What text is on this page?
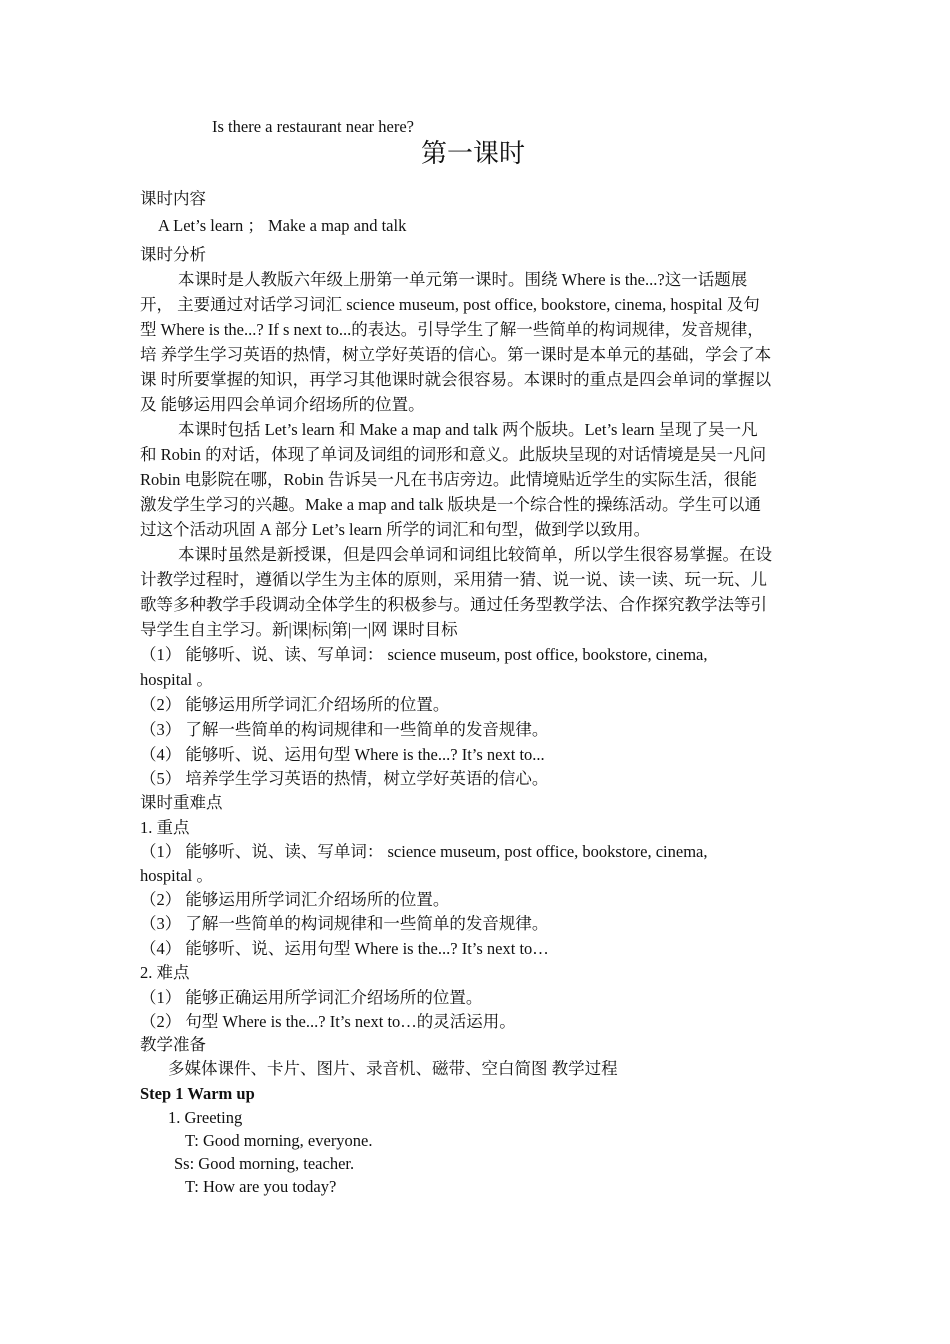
Is there a restaurant near here?
第一课时
课时内容
A Let’s learn ； Make a map and talk
课时分析
本课时是人教版六年级上册第一单元第一课时。围绕 Where is the...?这一话题展
开， 主要通过对话学习词汇 science museum, post office, bookstore, cinema, hospital 及句
型 Where is the...? If s next to...的表达。引导学生了解一些简单的构词规律，发音规律，
培 养学生学习英语的热情，树立学好英语的信心。第一课时是本单元的基础，学会了本
课 时所要掌握的知识，再学习其他课时就会很容易。本课时的重点是四会单词的掌握以
及 能够运用四会单词介绍场所的位置。
本课时包括 Let’s learn 和 Make a map and talk 两个版块。Let’s learn 呈现了吴一凡
和 Robin 的对话，体现了单词及词组的词形和意义。此版块呈现的对话情境是吴一凡问
Robin 电影院在哪，Robin 告诉吴一凡在书店旁边。此情境贴近学生的实际生活，很能
激发学生学习的兴趣。Make a map and talk 版块是一个综合性的操练活动。学生可以通
过这个活动巩固 A 部分 Let’s learn 所学的词汇和句型，做到学以致用。
本课时虽然是新授课，但是四会单词和词组比较简单，所以学生很容易掌握。在设
计教学过程时，遵循以学生为主体的原则，采用猜一猜、说一说、读一读、玩一玩、儿
歌等多种教学手段调动全体学生的积极参与。通过任务型教学法、合作探究教学法等引
导学生自主学习。新|课|标|第|一|网 课时目标
（1） 能够听、说、读、写单词： science museum, post office, bookstore, cinema,
hospital 。
（2） 能够运用所学词汇介绍场所的位置。
（3） 了解一些简单的构词规律和一些简单的发音规律。
（4） 能够听、说、运用句型 Where is the...? It’s next to...
（5） 培养学生学习英语的热情，树立学好英语的信心。
课时重难点
1. 重点
（1） 能够听、说、读、写单词： science museum, post office, bookstore, cinema,
hospital 。
（2） 能够运用所学词汇介绍场所的位置。
（3） 了解一些简单的构词规律和一些简单的发音规律。
（4） 能够听、说、运用句型 Where is the...? It’s next to…
2. 难点
（1） 能够正确运用所学词汇介绍场所的位置。
（2） 句型 Where is the...? It’s next to…的灵活运用。
教学准备
多媒体课件、卡片、图片、录音机、磁带、空白简图 教学过程
Step 1 Warm up
1. Greeting
T: Good morning, everyone.
Ss: Good morning, teacher.
T: How are you today?
